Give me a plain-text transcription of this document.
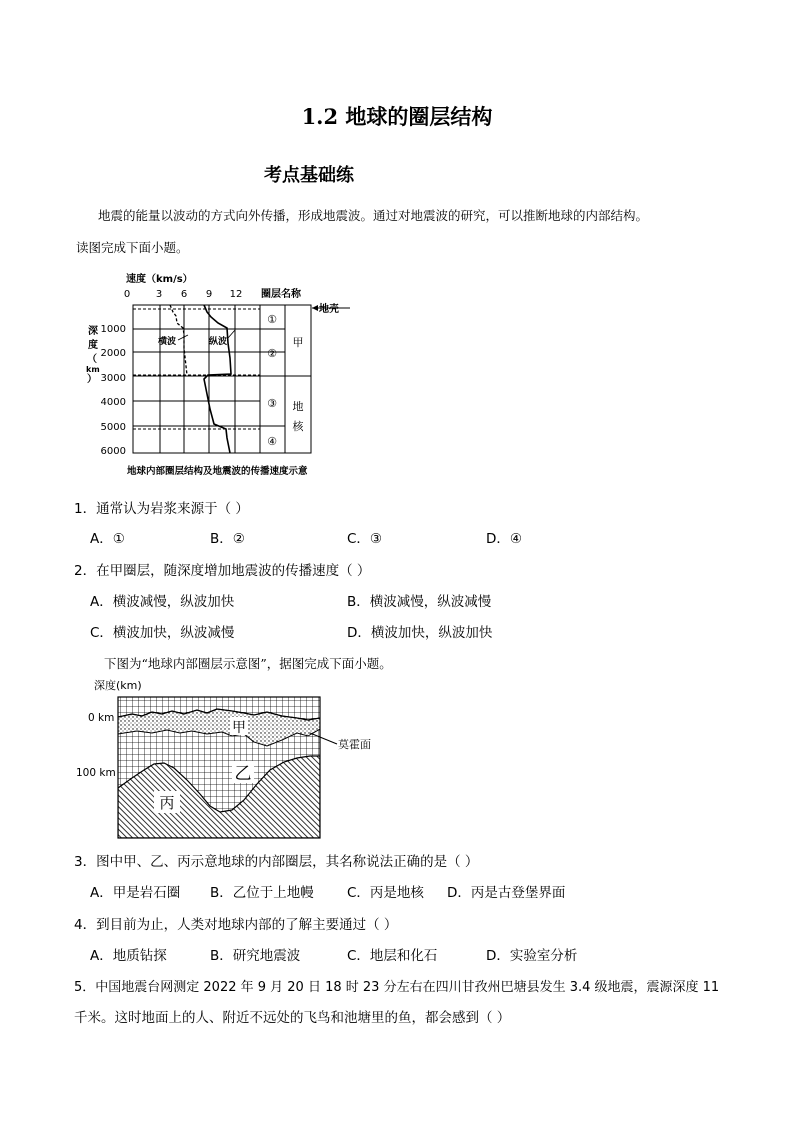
1.2 地球的圈层结构
考点基础练
地震的能量以波动的方式向外传播，形成地震波。通过对地震波的研究，可以推断地球的内部结构。
读图完成下面小题。
速度（km/s）
0	3 6 9 12 圈层名称
地壳
深度（ km ）
1000
2000
3000
4000
5000
6000
①
②
③
④
甲
地
核
横波	纵波
地球内部圈层结构及地震波的传播速度示意
1．通常认为岩浆来源于（ ）
A．①	B．②	C．③	D．④
2．在甲圈层，随深度增加地震波的传播速度（ ）
A．横波减慢，纵波加快	B．横波减慢，纵波减慢
C．横波加快，纵波减慢	D．横波加快，纵波加快
下图为“地球内部圈层示意图”，据图完成下面小题。
深度(km)
0 km
100 km
甲
乙
丙
莫霍面
3．图中甲、乙、丙示意地球的内部圈层，其名称说法正确的是（ ）
A．甲是岩石圈 B．乙位于上地幔 C．丙是地核 D．丙是古登堡界面
4．到目前为止，人类对地球内部的了解主要通过（ ）
A．地质钻探	B．研究地震波	C．地层和化石	D．实验室分析
5．中国地震台网测定 2022 年 9 月 20 日 18 时 23 分左右在四川甘孜州巴塘县发生 3.4 级地震，震源深度 11
千米。这时地面上的人、附近不远处的飞鸟和池塘里的鱼，都会感到（ ）
